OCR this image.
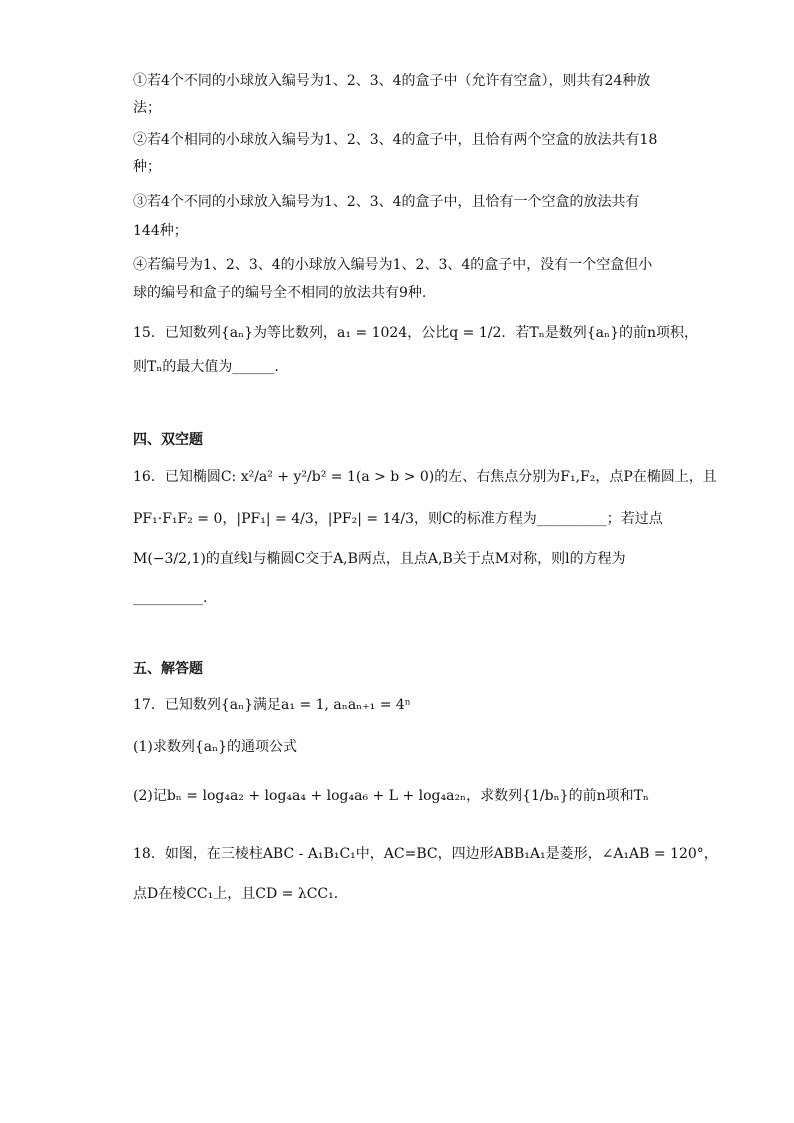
①若4个不同的小球放入编号为1、2、3、4的盒子中（允许有空盒），则共有24种放
法；
②若4个相同的小球放入编号为1、2、3、4的盒子中，且恰有两个空盒的放法共有18
种；
③若4个不同的小球放入编号为1、2、3、4的盒子中，且恰有一个空盒的放法共有
144种；
④若编号为1、2、3、4的小球放入编号为1、2、3、4的盒子中，没有一个空盒但小
球的编号和盒子的编号全不相同的放法共有9种.
15．已知数列{aₙ}为等比数列，a₁ = 1024，公比q = 1/2．若Tₙ是数列{aₙ}的前n项积，
则Tₙ的最大值为______.
四、双空题
16．已知椭圆C: x²/a² + y²/b² = 1(a > b > 0)的左、右焦点分别为F₁,F₂，点P在椭圆上，且
PF₁·F₁F₂ = 0，|PF₁| = 4/3，|PF₂| = 14/3，则C的标准方程为__________；若过点
M(−3/2,1)的直线l与椭圆C交于A,B两点，且点A,B关于点M对称，则l的方程为
__________.
五、解答题
17．已知数列{aₙ}满足a₁ = 1, aₙaₙ₊₁ = 4ⁿ
(1)求数列{aₙ}的通项公式
(2)记bₙ = log₄a₂ + log₄a₄ + log₄a₆ + L + log₄a₂ₙ，求数列{1/bₙ}的前n项和Tₙ
18．如图，在三棱柱ABC - A₁B₁C₁中，AC=BC，四边形ABB₁A₁是菱形，∠A₁AB = 120°，
点D在棱CC₁上，且CD = λCC₁．
